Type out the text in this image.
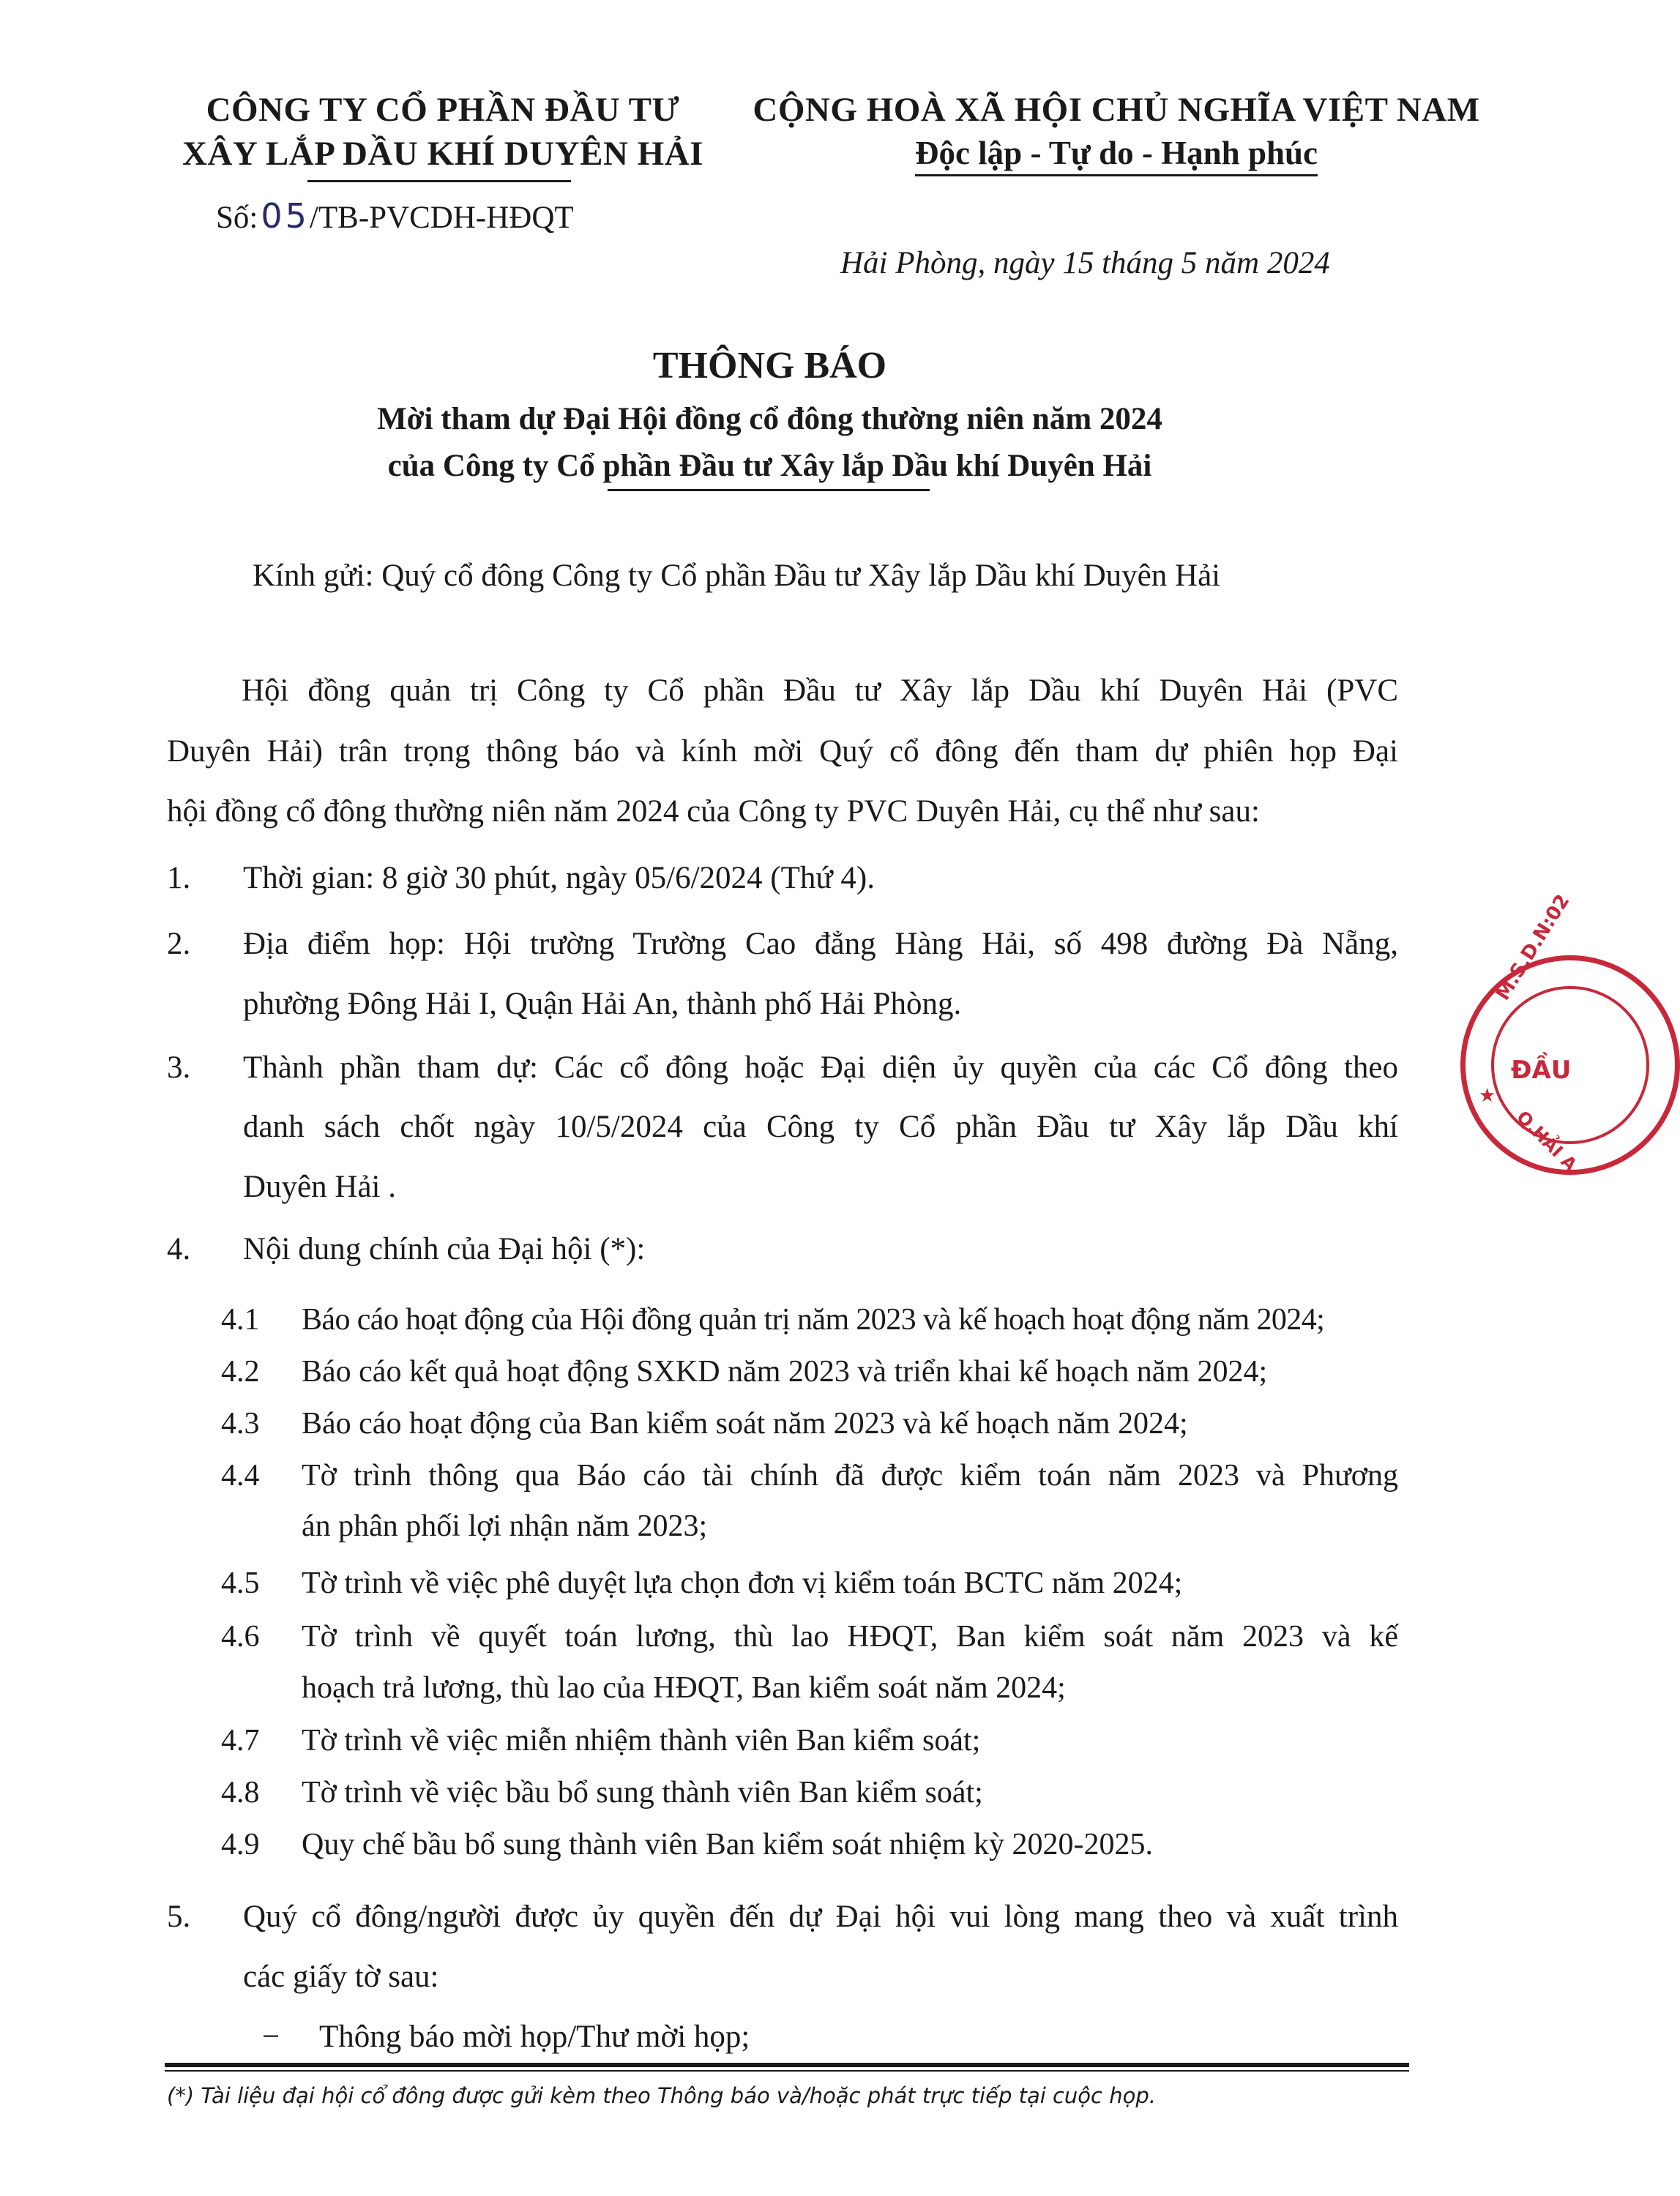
CÔNG TY CỔ PHẦN ĐẦU TƯ
XÂY LẮP DẦU KHÍ DUYÊN HẢI
Số:05/TB-PVCDH-HĐQT
CỘNG HOÀ XÃ HỘI CHỦ NGHĨA VIỆT NAM
Độc lập - Tự do - Hạnh phúc
Hải Phòng, ngày 15 tháng 5 năm 2024
THÔNG BÁO
Mời tham dự Đại Hội đồng cổ đông thường niên năm 2024
của Công ty Cổ phần Đầu tư Xây lắp Dầu khí Duyên Hải
Kính gửi: Quý cổ đông Công ty Cổ phần Đầu tư Xây lắp Dầu khí Duyên Hải
Hội đồng quản trị Công ty Cổ phần Đầu tư Xây lắp Dầu khí Duyên Hải (PVC
Duyên Hải) trân trọng thông báo và kính mời Quý cổ đông đến tham dự phiên họp Đại
hội đồng cổ đông thường niên năm 2024 của Công ty PVC Duyên Hải, cụ thể như sau:
1. Thời gian: 8 giờ 30 phút, ngày 05/6/2024 (Thứ 4).
2. Địa điểm họp: Hội trường Trường Cao đẳng Hàng Hải, số 498 đường Đà Nẵng,
phường Đông Hải I, Quận Hải An, thành phố Hải Phòng.
3. Thành phần tham dự: Các cổ đông hoặc Đại diện ủy quyền của các Cổ đông theo
danh sách chốt ngày 10/5/2024 của Công ty Cổ phần Đầu tư Xây lắp Dầu khí
Duyên Hải .
4. Nội dung chính của Đại hội (*):
4.1 Báo cáo hoạt động của Hội đồng quản trị năm 2023 và kế hoạch hoạt động năm 2024;
4.2 Báo cáo kết quả hoạt động SXKD năm 2023 và triển khai kế hoạch năm 2024;
4.3 Báo cáo hoạt động của Ban kiểm soát năm 2023 và kế hoạch năm 2024;
4.4 Tờ trình thông qua Báo cáo tài chính đã được kiểm toán năm 2023 và Phương
án phân phối lợi nhận năm 2023;
4.5 Tờ trình về việc phê duyệt lựa chọn đơn vị kiểm toán BCTC năm 2024;
4.6 Tờ trình về quyết toán lương, thù lao HĐQT, Ban kiểm soát năm 2023 và kế
hoạch trả lương, thù lao của HĐQT, Ban kiểm soát năm 2024;
4.7 Tờ trình về việc miễn nhiệm thành viên Ban kiểm soát;
4.8 Tờ trình về việc bầu bổ sung thành viên Ban kiểm soát;
4.9 Quy chế bầu bổ sung thành viên Ban kiểm soát nhiệm kỳ 2020-2025.
5. Quý cổ đông/người được ủy quyền đến dự Đại hội vui lòng mang theo và xuất trình
các giấy tờ sau:
− Thông báo mời họp/Thư mời họp;
(*) Tài liệu đại hội cổ đông được gửi kèm theo Thông báo và/hoặc phát trực tiếp tại cuộc họp.
M.S.D.N:02
ĐẦU
Q.HẢI A
★
